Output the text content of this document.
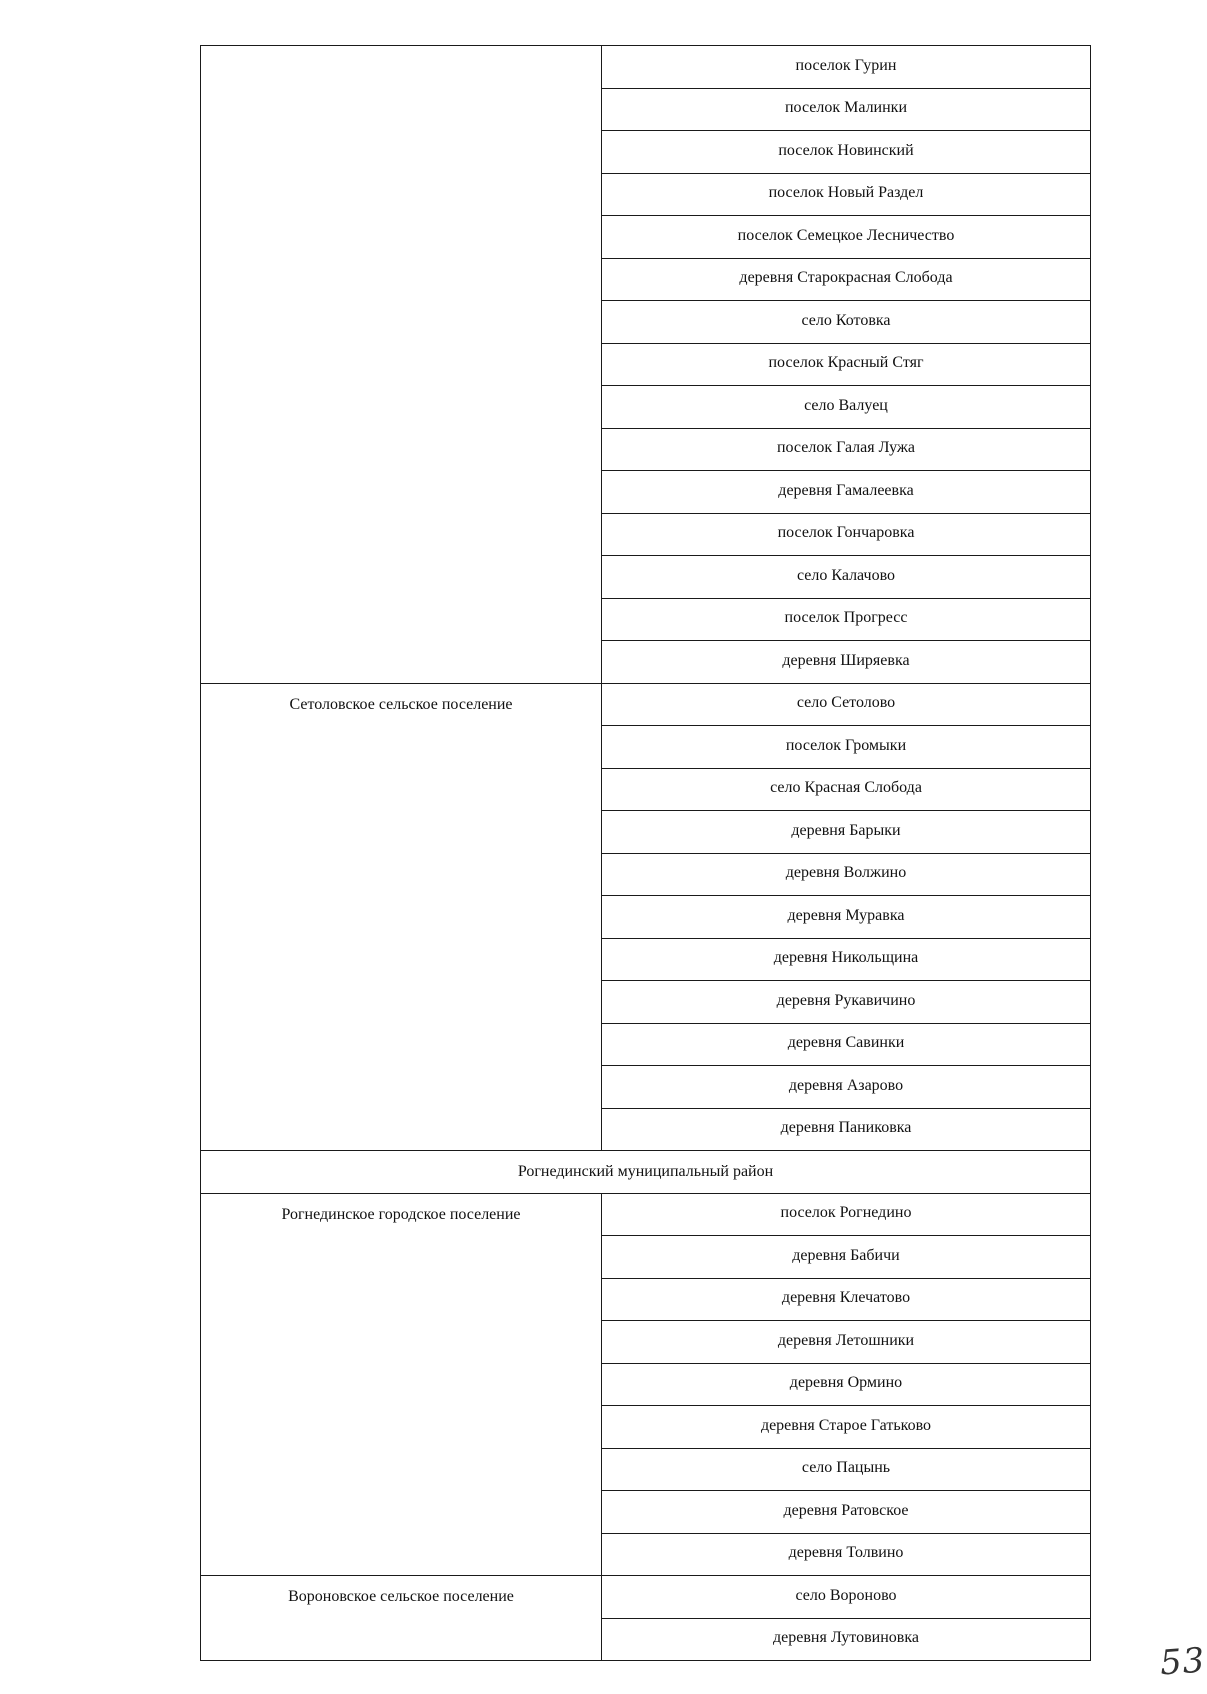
	поселок Гурин
	поселок Малинки
	поселок Новинский
	поселок Новый Раздел
	поселок Семецкое Лесничество
	деревня Старокрасная Слобода
	село Котовка
	поселок Красный Стяг
	село Валуец
	поселок Галая Лужа
	деревня Гамалеевка
	поселок Гончаровка
	село Калачово
	поселок Прогресс
	деревня Ширяевка

Сетоловское сельское поселение	село Сетолово
	поселок Громыки
	село Красная Слобода
	деревня Барыки
	деревня Волжино
	деревня Муравка
	деревня Никольщина
	деревня Рукавичино
	деревня Савинки
	деревня Азарово
	деревня Паниковка
Рогнединский муниципальный район	

Рогнединское городское поселение	поселок Рогнедино
	деревня Бабичи
	деревня Клечатово
	деревня Летошники
	деревня Ормино
	деревня Старое Гатьково
	село Пацынь
	деревня Ратовское
	деревня Толвино

Вороновское сельское поселение	село Вороново
	деревня Лутовиновка
53
